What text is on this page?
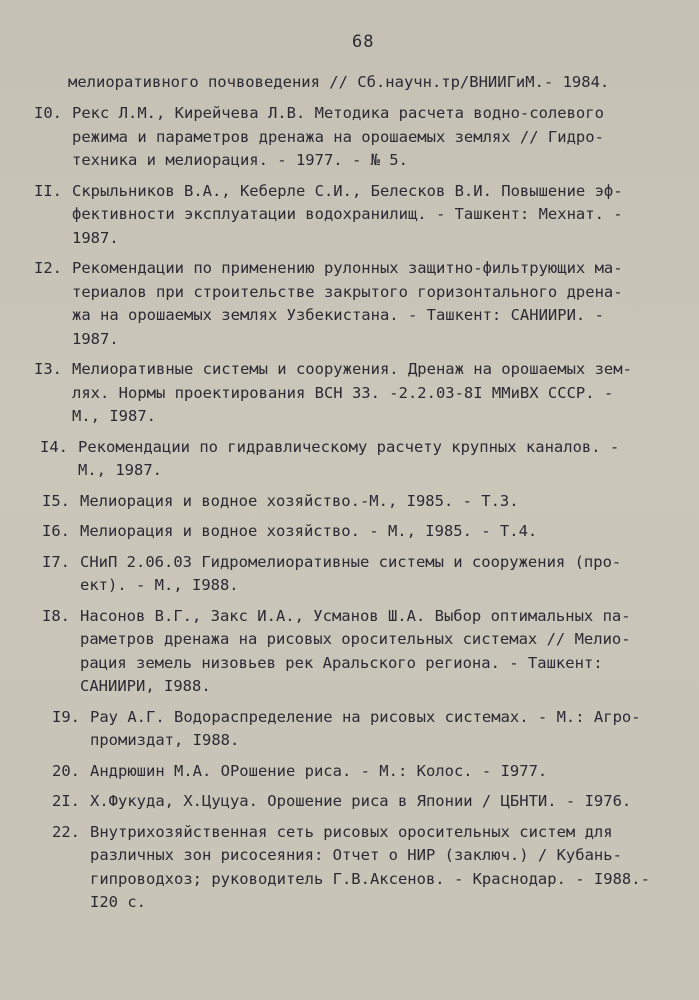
68
мелиоративного почвоведения // Сб.научн.тр/ВНИИГиМ.- 1984.
I0. Рекс Л.М., Кирейчева Л.В. Методика расчета водно-солевого
режима и параметров дренажа на орошаемых землях // Гидро-
техника и мелиорация. - 1977. - № 5.
II. Скрыльников В.А., Кеберле С.И., Белесков В.И. Повышение эф-
фективности эксплуатации водохранилищ. - Ташкент: Мехнат. -
1987.
I2. Рекомендации по применению рулонных защитно-фильтрующих ма-
териалов при строительстве закрытого горизонтального дрена-
жа на орошаемых землях Узбекистана. - Ташкент: САНИИРИ. -
1987.
I3. Мелиоративные системы и сооружения. Дренаж на орошаемых зем-
лях. Нормы проектирования ВСН 33. -2.2.03-8I ММиВХ СССР. -
М., I987.
I4. Рекомендации по гидравлическому расчету крупных каналов. -
М., 1987.
I5. Мелиорация и водное хозяйство.-М., I985. - Т.3.
I6. Мелиорация и водное хозяйство. - М., I985. - Т.4.
I7. СНиП 2.06.03 Гидромелиоративные системы и сооружения (про-
ект). - М., I988.
I8. Насонов В.Г., Закс И.А., Усманов Ш.А. Выбор оптимальных па-
раметров дренажа на рисовых оросительных системах // Мелио-
рация земель низовьев рек Аральского региона. - Ташкент:
САНИИРИ, I988.
I9. Рау А.Г. Водораспределение на рисовых системах. - М.: Агро-
промиздат, I988.
20. Андрюшин М.А. ОРошение риса. - М.: Колос. - I977.
2I. Х.Фукуда, Х.Цуцуа. Орошение риса в Японии / ЦБНТИ. - I976.
22. Внутрихозяйственная сеть рисовых оросительных систем для
различных зон рисосеяния: Отчет о НИР (заключ.) / Кубань-
гипроводхоз; руководитель Г.В.Аксенов. - Краснодар. - I988.-
I20 с.
